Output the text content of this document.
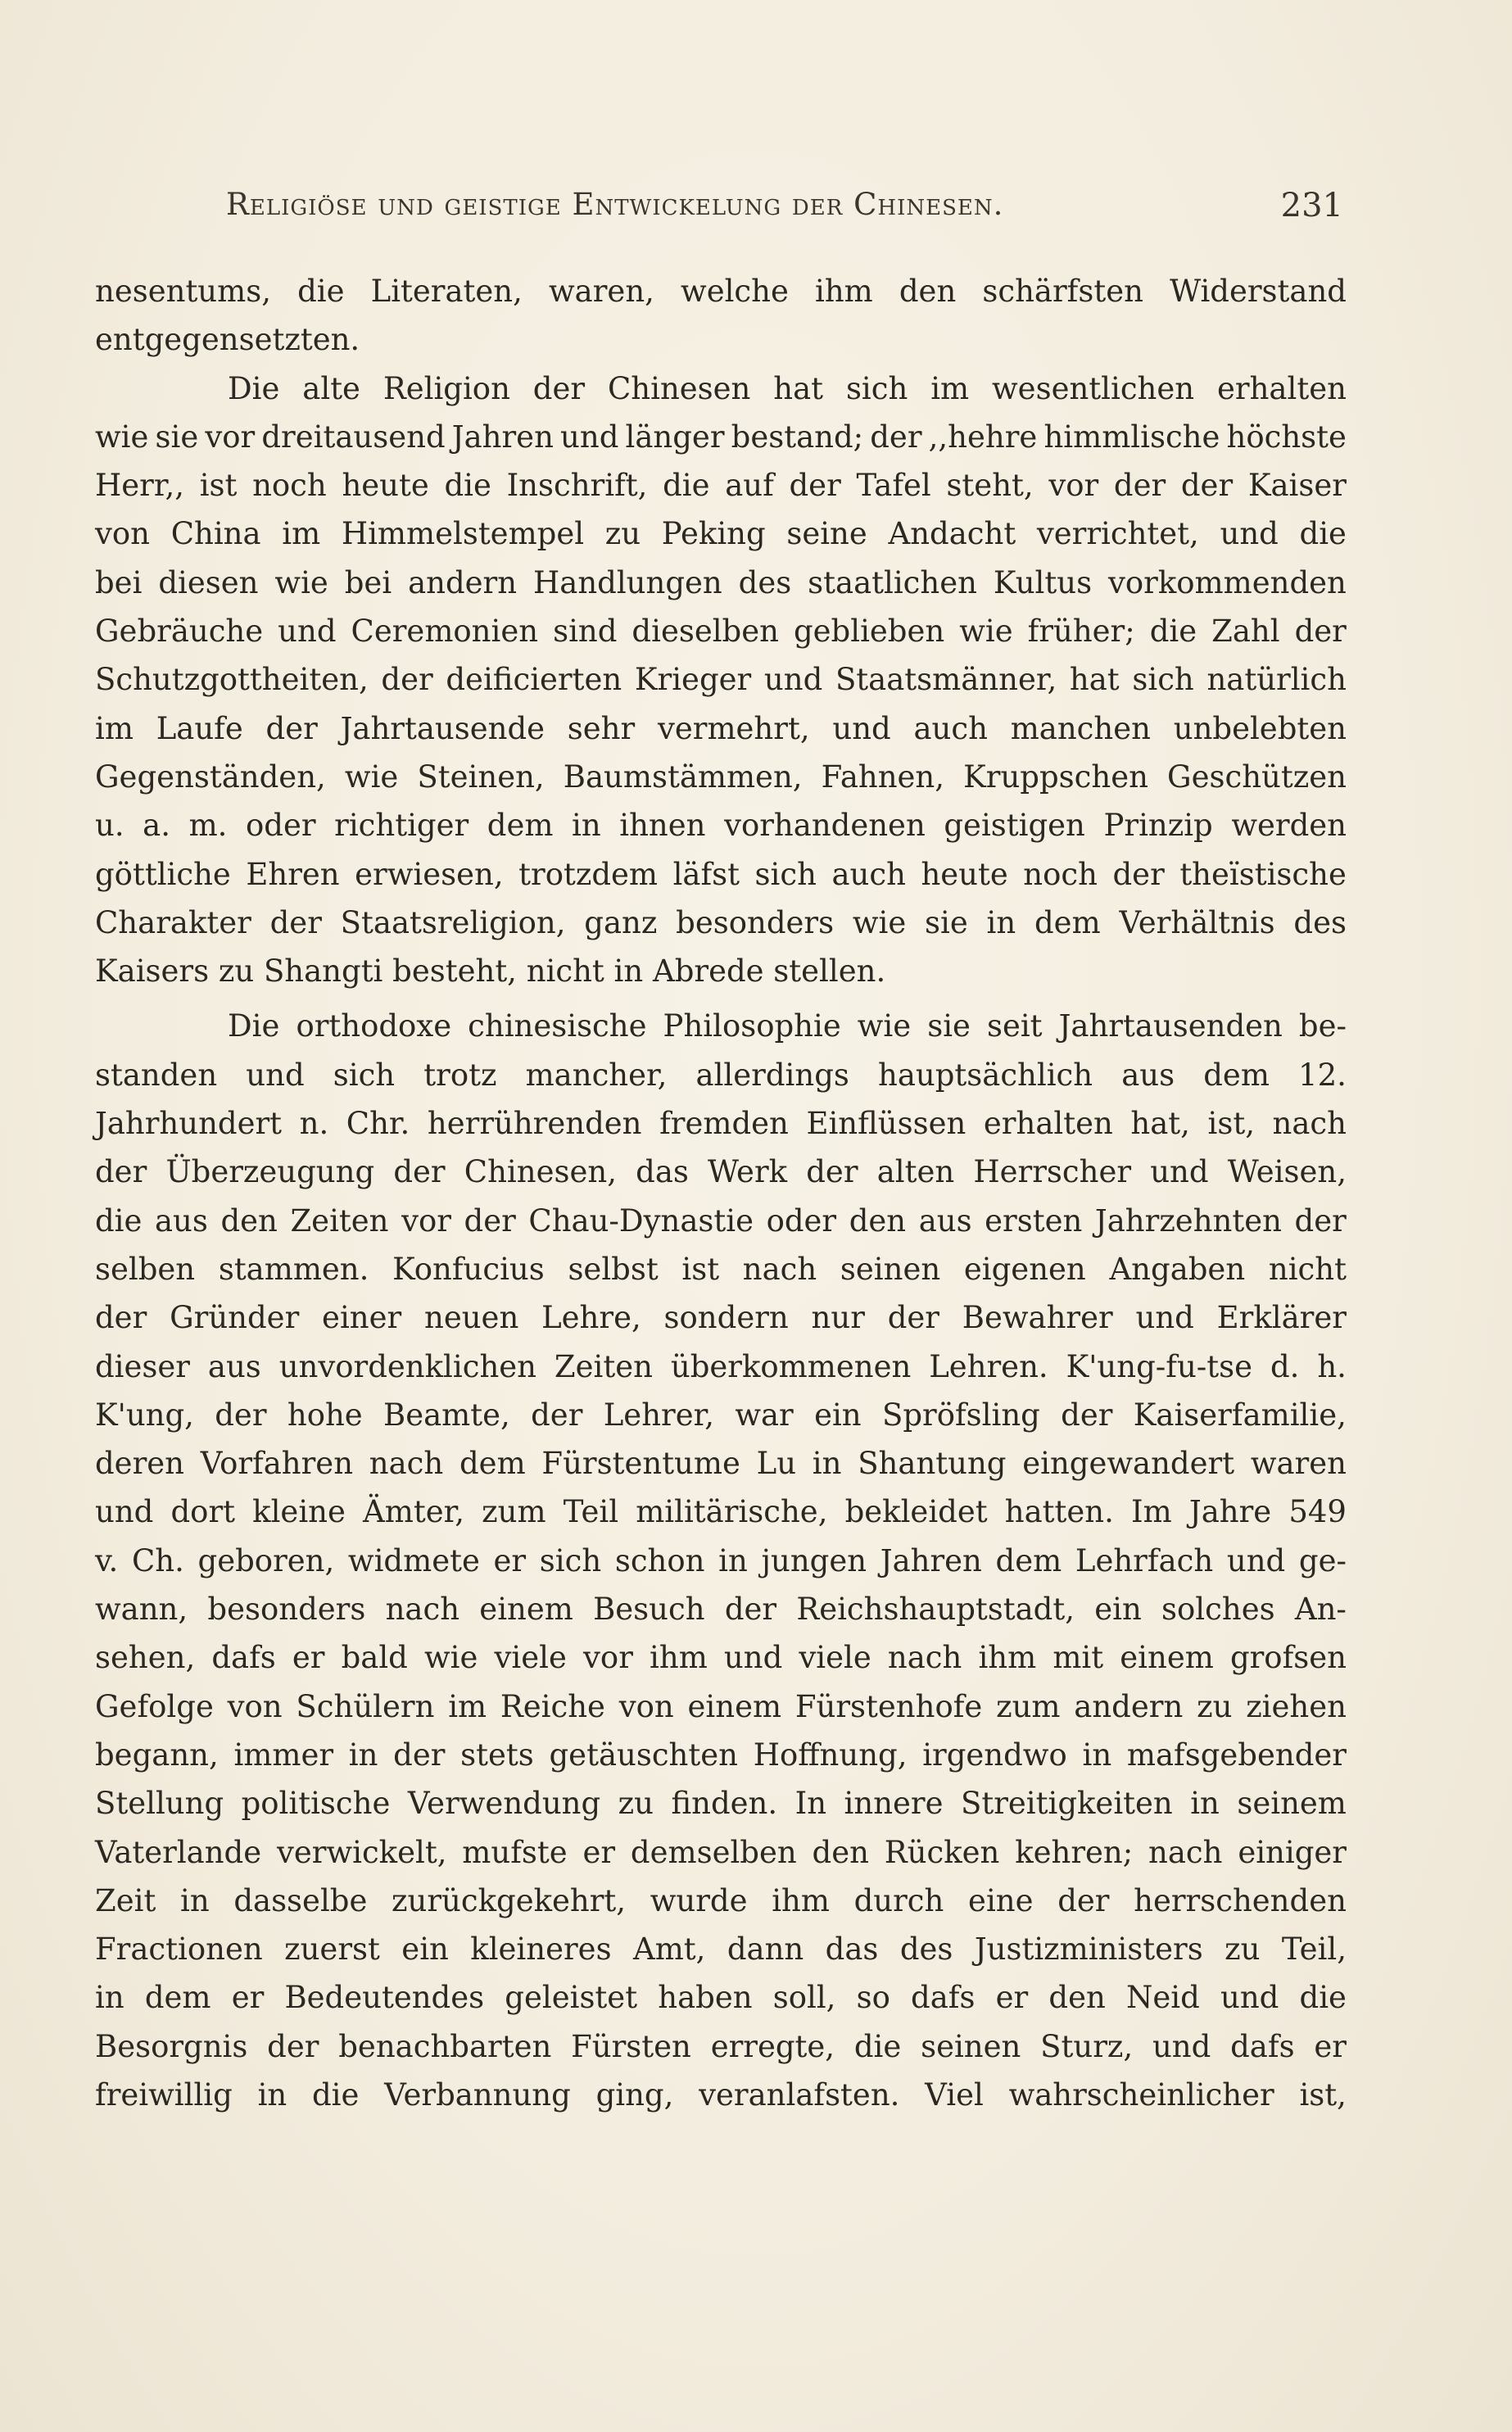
Religiöse und geistige Entwickelung der Chinesen.	231
nesentums, die Literaten, waren, welche ihm den schärfsten Widerstand
entgegensetzten.
Die alte Religion der Chinesen hat sich im wesentlichen erhalten
wie sie vor dreitausend Jahren und länger bestand; der ,,hehre himmlische höchste
Herr,, ist noch heute die Inschrift, die auf der Tafel steht, vor der der Kaiser
von China im Himmelstempel zu Peking seine Andacht verrichtet, und die
bei diesen wie bei andern Handlungen des staatlichen Kultus vorkommenden
Gebräuche und Ceremonien sind dieselben geblieben wie früher; die Zahl der
Schutzgottheiten, der deificierten Krieger und Staatsmänner, hat sich natürlich
im Laufe der Jahrtausende sehr vermehrt, und auch manchen unbelebten
Gegenständen, wie Steinen, Baumstämmen, Fahnen, Kruppschen Geschützen
u. a. m. oder richtiger dem in ihnen vorhandenen geistigen Prinzip werden
göttliche Ehren erwiesen, trotzdem läfst sich auch heute noch der theïstische
Charakter der Staatsreligion, ganz besonders wie sie in dem Verhältnis des
Kaisers zu Shangti besteht, nicht in Abrede stellen.
Die orthodoxe chinesische Philosophie wie sie seit Jahrtausenden be-
standen und sich trotz mancher, allerdings hauptsächlich aus dem 12.
Jahrhundert n. Chr. herrührenden fremden Einflüssen erhalten hat, ist, nach
der Überzeugung der Chinesen, das Werk der alten Herrscher und Weisen,
die aus den Zeiten vor der Chau-Dynastie oder den aus ersten Jahrzehnten der
selben stammen. Konfucius selbst ist nach seinen eigenen Angaben nicht
der Gründer einer neuen Lehre, sondern nur der Bewahrer und Erklärer
dieser aus unvordenklichen Zeiten überkommenen Lehren. K'ung-fu-tse d. h.
K'ung, der hohe Beamte, der Lehrer, war ein Spröfsling der Kaiserfamilie,
deren Vorfahren nach dem Fürstentume Lu in Shantung eingewandert waren
und dort kleine Ämter, zum Teil militärische, bekleidet hatten. Im Jahre 549
v. Ch. geboren, widmete er sich schon in jungen Jahren dem Lehrfach und ge-
wann, besonders nach einem Besuch der Reichshauptstadt, ein solches An-
sehen, dafs er bald wie viele vor ihm und viele nach ihm mit einem grofsen
Gefolge von Schülern im Reiche von einem Fürstenhofe zum andern zu ziehen
begann, immer in der stets getäuschten Hoffnung, irgendwo in mafsgebender
Stellung politische Verwendung zu finden. In innere Streitigkeiten in seinem
Vaterlande verwickelt, mufste er demselben den Rücken kehren; nach einiger
Zeit in dasselbe zurückgekehrt, wurde ihm durch eine der herrschenden
Fractionen zuerst ein kleineres Amt, dann das des Justizministers zu Teil,
in dem er Bedeutendes geleistet haben soll, so dafs er den Neid und die
Besorgnis der benachbarten Fürsten erregte, die seinen Sturz, und dafs er
freiwillig in die Verbannung ging, veranlafsten. Viel wahrscheinlicher ist,
